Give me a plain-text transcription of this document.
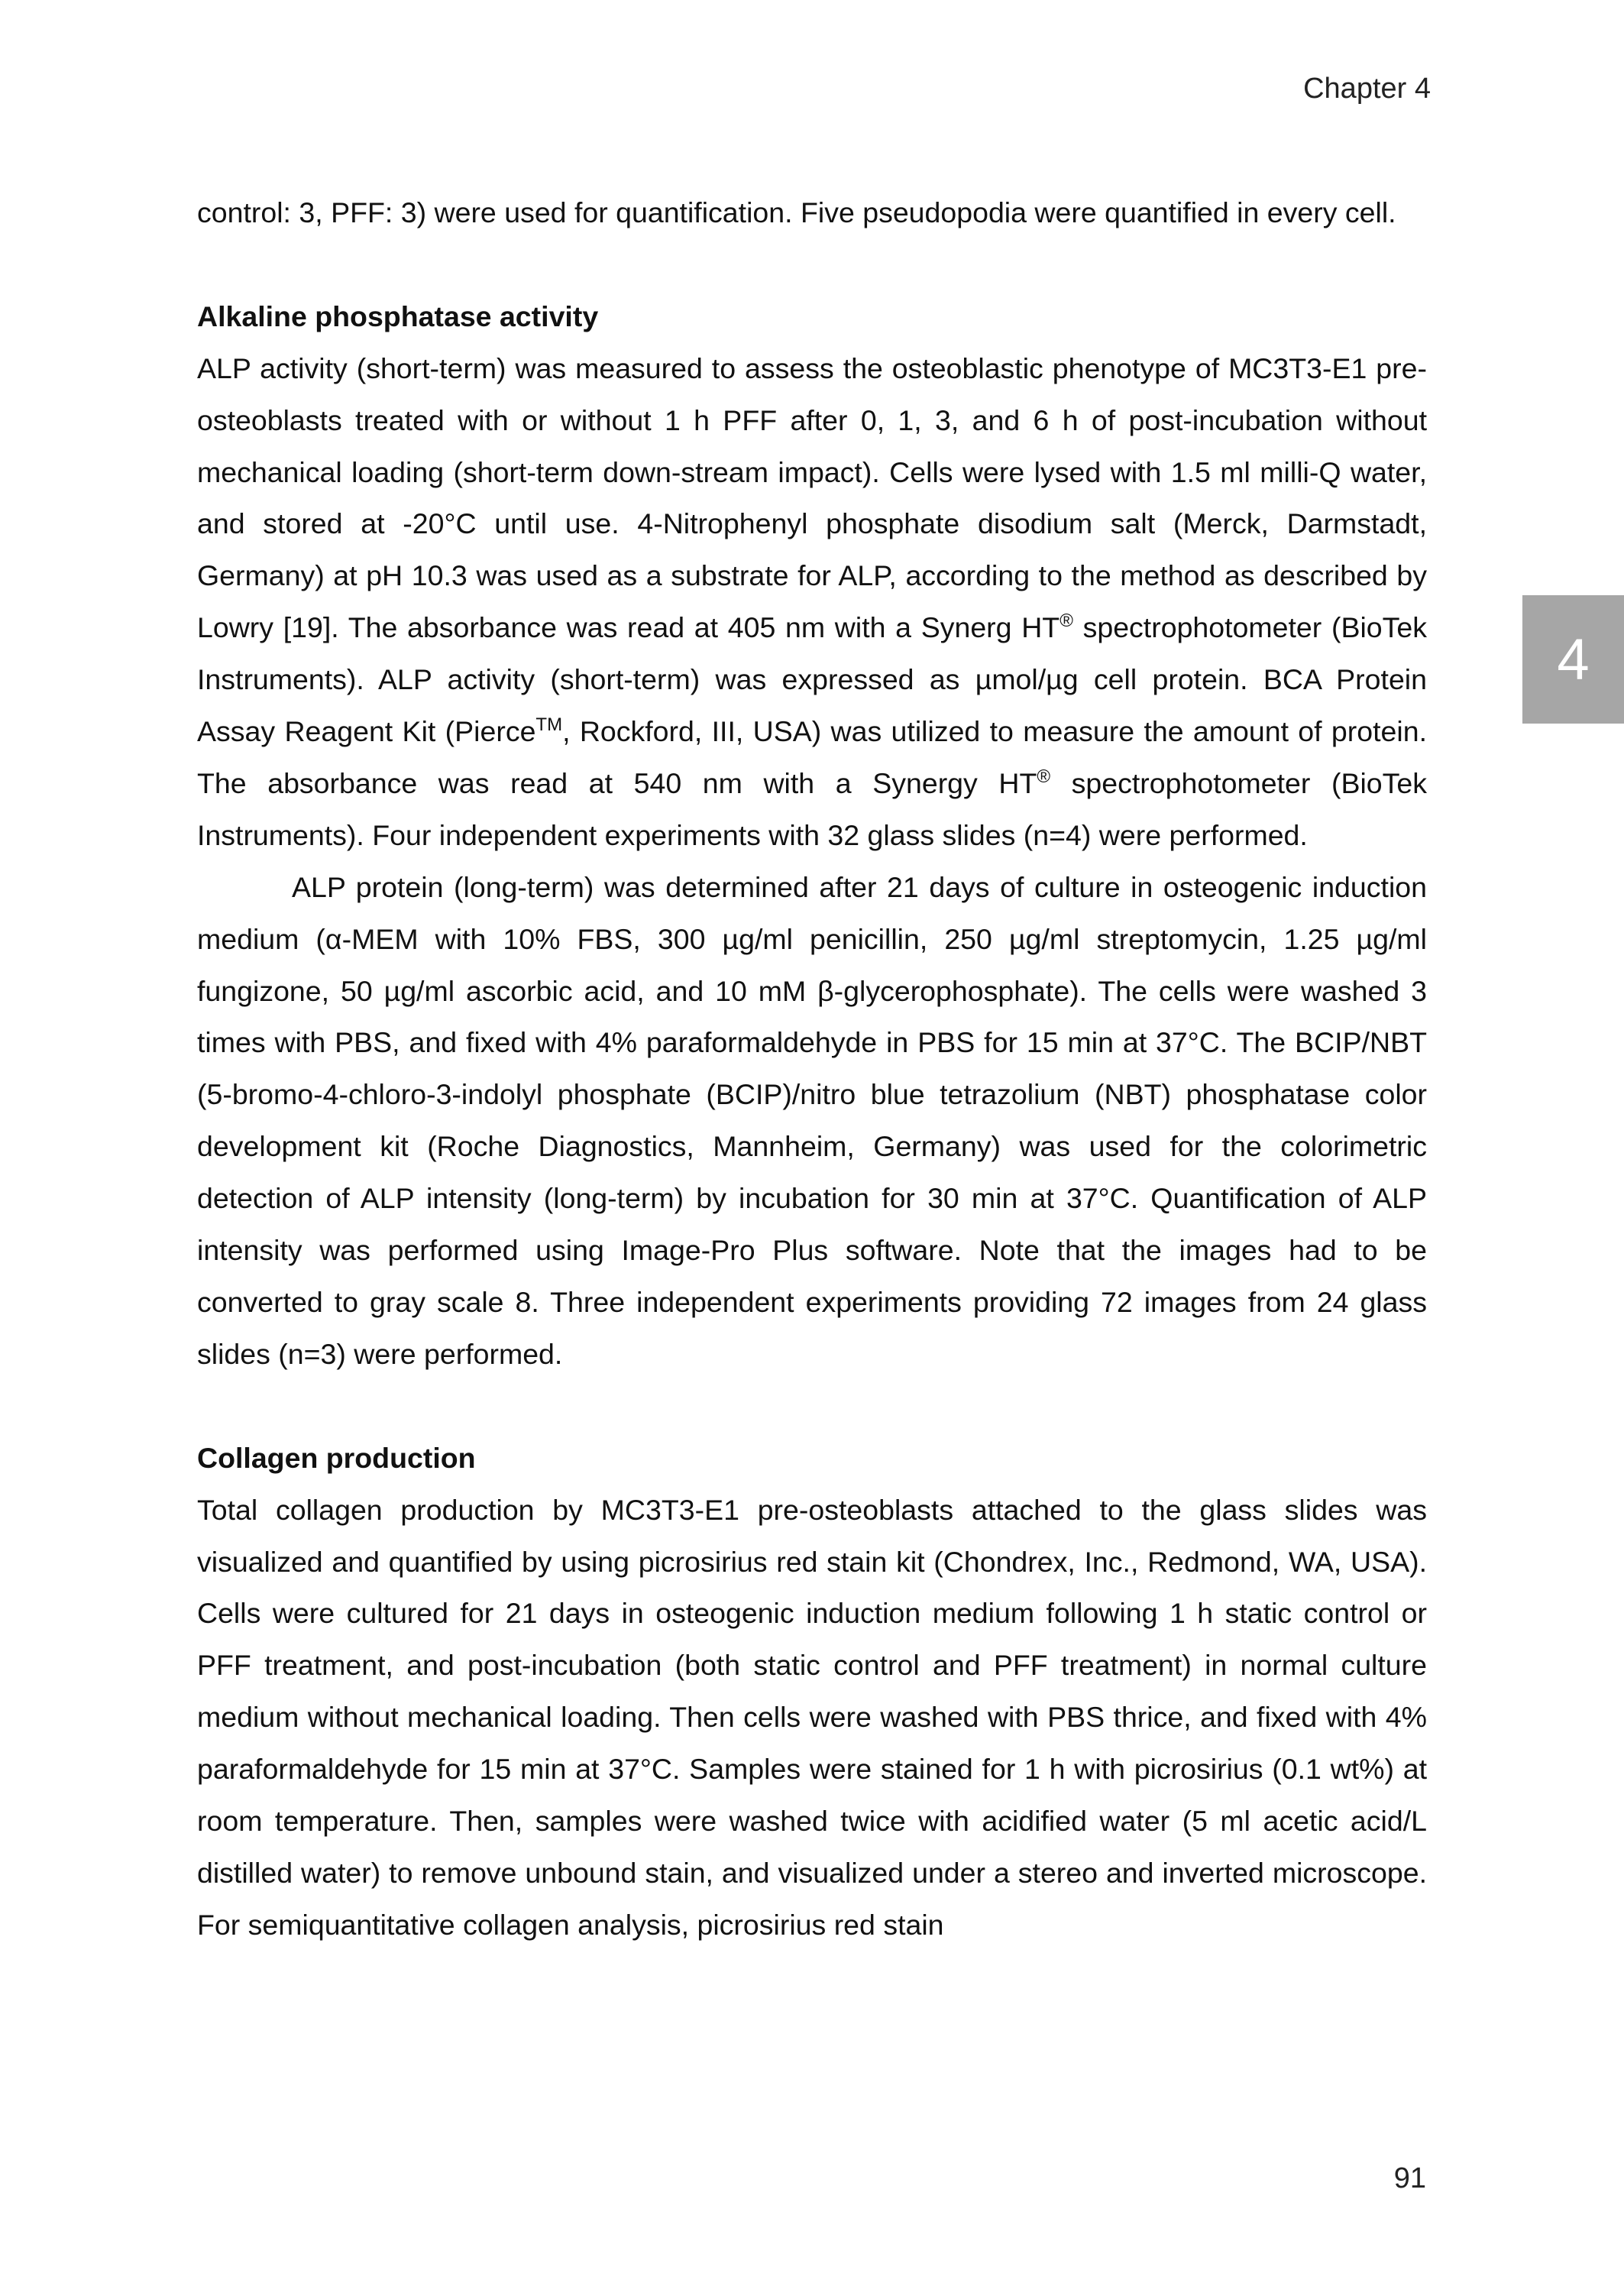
Chapter 4
4

control: 3, PFF: 3) were used for quantification. Five pseudopodia were quantified in every cell.

Alkaline phosphatase activity

ALP activity (short-term) was measured to assess the osteoblastic phenotype of MC3T3-E1 pre-osteoblasts treated with or without 1 h PFF after 0, 1, 3, and 6 h of post-incubation without mechanical loading (short-term down-stream impact). Cells were lysed with 1.5 ml milli-Q water, and stored at -20°C until use. 4-Nitrophenyl phosphate disodium salt (Merck, Darmstadt, Germany) at pH 10.3 was used as a substrate for ALP, according to the method as described by Lowry [19]. The absorbance was read at 405 nm with a Synerg HT® spectrophotometer (BioTek Instruments). ALP activity (short-term) was expressed as µmol/µg cell protein. BCA Protein Assay Reagent Kit (Pierce™, Rockford, III, USA) was utilized to measure the amount of protein. The absorbance was read at 540 nm with a Synergy HT® spectrophotometer (BioTek Instruments). Four independent experiments with 32 glass slides (n=4) were performed.

ALP protein (long-term) was determined after 21 days of culture in osteogenic induction medium (α-MEM with 10% FBS, 300 µg/ml penicillin, 250 µg/ml streptomycin, 1.25 µg/ml fungizone, 50 µg/ml ascorbic acid, and 10 mM β-glycerophosphate). The cells were washed 3 times with PBS, and fixed with 4% paraformaldehyde in PBS for 15 min at 37°C. The BCIP/NBT (5-bromo-4-chloro-3-indolyl phosphate (BCIP)/nitro blue tetrazolium (NBT) phosphatase color development kit (Roche Diagnostics, Mannheim, Germany) was used for the colorimetric detection of ALP intensity (long-term) by incubation for 30 min at 37°C. Quantification of ALP intensity was performed using Image-Pro Plus software. Note that the images had to be converted to gray scale 8. Three independent experiments providing 72 images from 24 glass slides (n=3) were performed.

Collagen production

Total collagen production by MC3T3-E1 pre-osteoblasts attached to the glass slides was visualized and quantified by using picrosirius red stain kit (Chondrex, Inc., Redmond, WA, USA). Cells were cultured for 21 days in osteogenic induction medium following 1 h static control or PFF treatment, and post-incubation (both static control and PFF treatment) in normal culture medium without mechanical loading. Then cells were washed with PBS thrice, and fixed with 4% paraformaldehyde for 15 min at 37°C. Samples were stained for 1 h with picrosirius (0.1 wt%) at room temperature. Then, samples were washed twice with acidified water (5 ml acetic acid/L distilled water) to remove unbound stain, and visualized under a stereo and inverted microscope. For semiquantitative collagen analysis, picrosirius red stain

91
